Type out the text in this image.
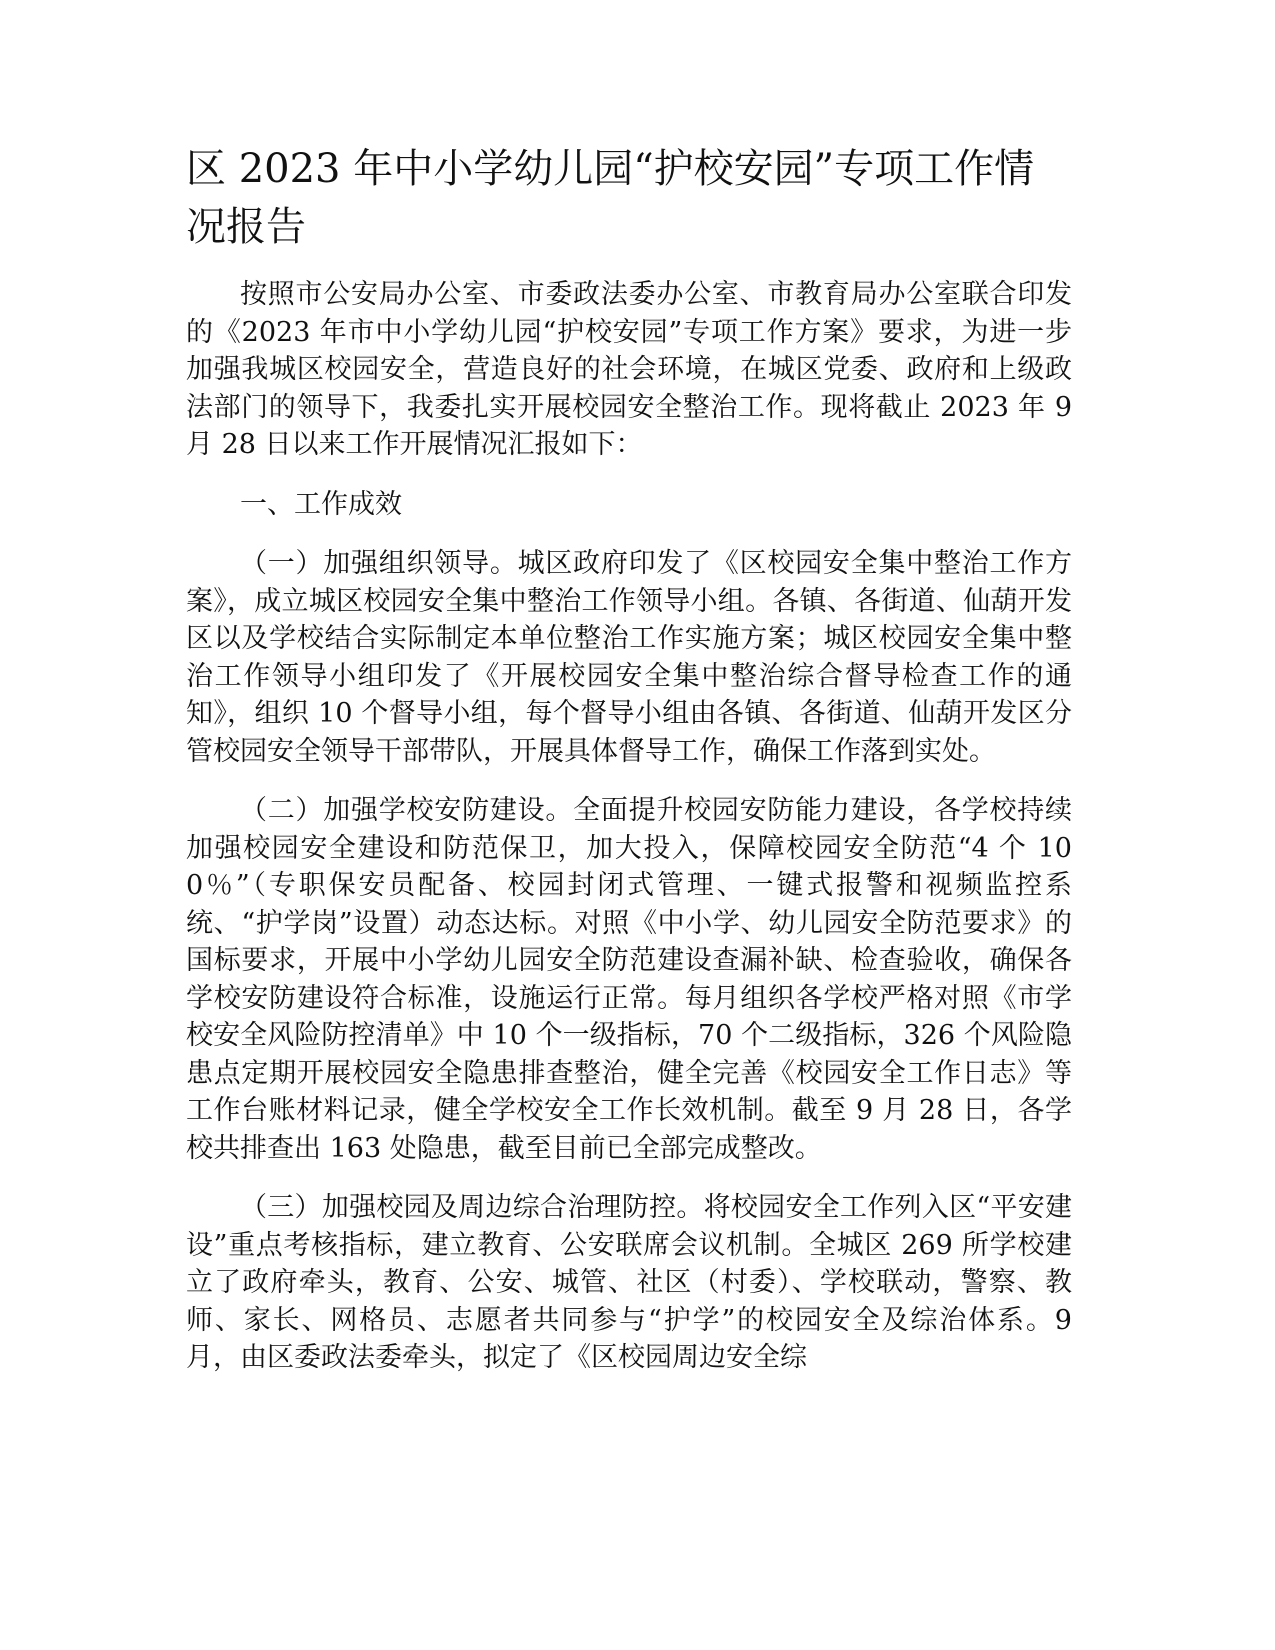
区 2023 年中小学幼儿园“护校安园”专项工作情况报告

按照市公安局办公室、市委政法委办公室、市教育局办公室联合印发的《2023 年市中小学幼儿园“护校安园”专项工作方案》要求，为进一步加强我城区校园安全，营造良好的社会环境，在城区党委、政府和上级政法部门的领导下，我委扎实开展校园安全整治工作。现将截止 2023 年 9 月 28 日以来工作开展情况汇报如下：

一、工作成效

（一）加强组织领导。城区政府印发了《区校园安全集中整治工作方案》，成立城区校园安全集中整治工作领导小组。各镇、各街道、仙葫开发区以及学校结合实际制定本单位整治工作实施方案；城区校园安全集中整治工作领导小组印发了《开展校园安全集中整治综合督导检查工作的通知》，组织 10 个督导小组，每个督导小组由各镇、各街道、仙葫开发区分管校园安全领导干部带队，开展具体督导工作，确保工作落到实处。

（二）加强学校安防建设。全面提升校园安防能力建设，各学校持续加强校园安全建设和防范保卫，加大投入，保障校园安全防范“4 个 100％”（专职保安员配备、校园封闭式管理、一键式报警和视频监控系统、“护学岗”设置）动态达标。对照《中小学、幼儿园安全防范要求》的国标要求，开展中小学幼儿园安全防范建设查漏补缺、检查验收，确保各学校安防建设符合标准，设施运行正常。每月组织各学校严格对照《市学校安全风险防控清单》中 10 个一级指标，70 个二级指标，326 个风险隐患点定期开展校园安全隐患排查整治，健全完善《校园安全工作日志》等工作台账材料记录，健全学校安全工作长效机制。截至 9 月 28 日，各学校共排查出 163 处隐患，截至目前已全部完成整改。

（三）加强校园及周边综合治理防控。将校园安全工作列入区“平安建设”重点考核指标，建立教育、公安联席会议机制。全城区 269 所学校建立了政府牵头，教育、公安、城管、社区（村委）、学校联动，警察、教师、家长、网格员、志愿者共同参与“护学”的校园安全及综治体系。9 月，由区委政法委牵头，拟定了《区校园周边安全综
